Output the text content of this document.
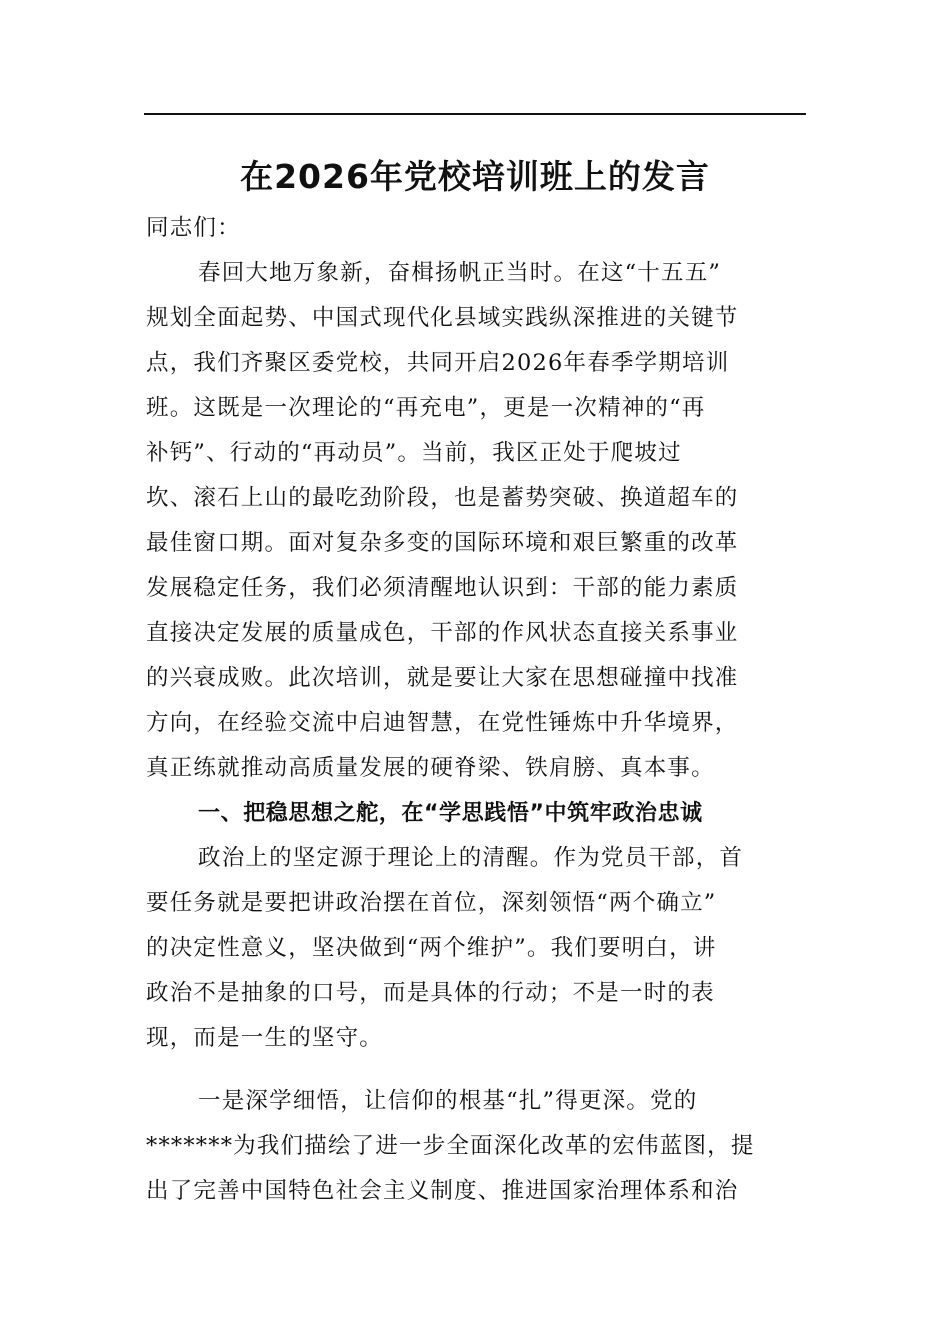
在2026年党校培训班上的发言
同志们：
春回大地万象新，奋楫扬帆正当时。在这“十五五”
规划全面起势、中国式现代化县域实践纵深推进的关键节
点，我们齐聚区委党校，共同开启2026年春季学期培训
班。这既是一次理论的“再充电”，更是一次精神的“再
补钙”、行动的“再动员”。当前，我区正处于爬坡过
坎、滚石上山的最吃劲阶段，也是蓄势突破、换道超车的
最佳窗口期。面对复杂多变的国际环境和艰巨繁重的改革
发展稳定任务，我们必须清醒地认识到：干部的能力素质
直接决定发展的质量成色，干部的作风状态直接关系事业
的兴衰成败。此次培训，就是要让大家在思想碰撞中找准
方向，在经验交流中启迪智慧，在党性锤炼中升华境界，
真正练就推动高质量发展的硬脊梁、铁肩膀、真本事。
一、把稳思想之舵，在“学思践悟”中筑牢政治忠诚
政治上的坚定源于理论上的清醒。作为党员干部，首
要任务就是要把讲政治摆在首位，深刻领悟“两个确立”
的决定性意义，坚决做到“两个维护”。我们要明白，讲
政治不是抽象的口号，而是具体的行动；不是一时的表
现，而是一生的坚守。
一是深学细悟，让信仰的根基“扎”得更深。党的
*******为我们描绘了进一步全面深化改革的宏伟蓝图，提
出了完善中国特色社会主义制度、推进国家治理体系和治
